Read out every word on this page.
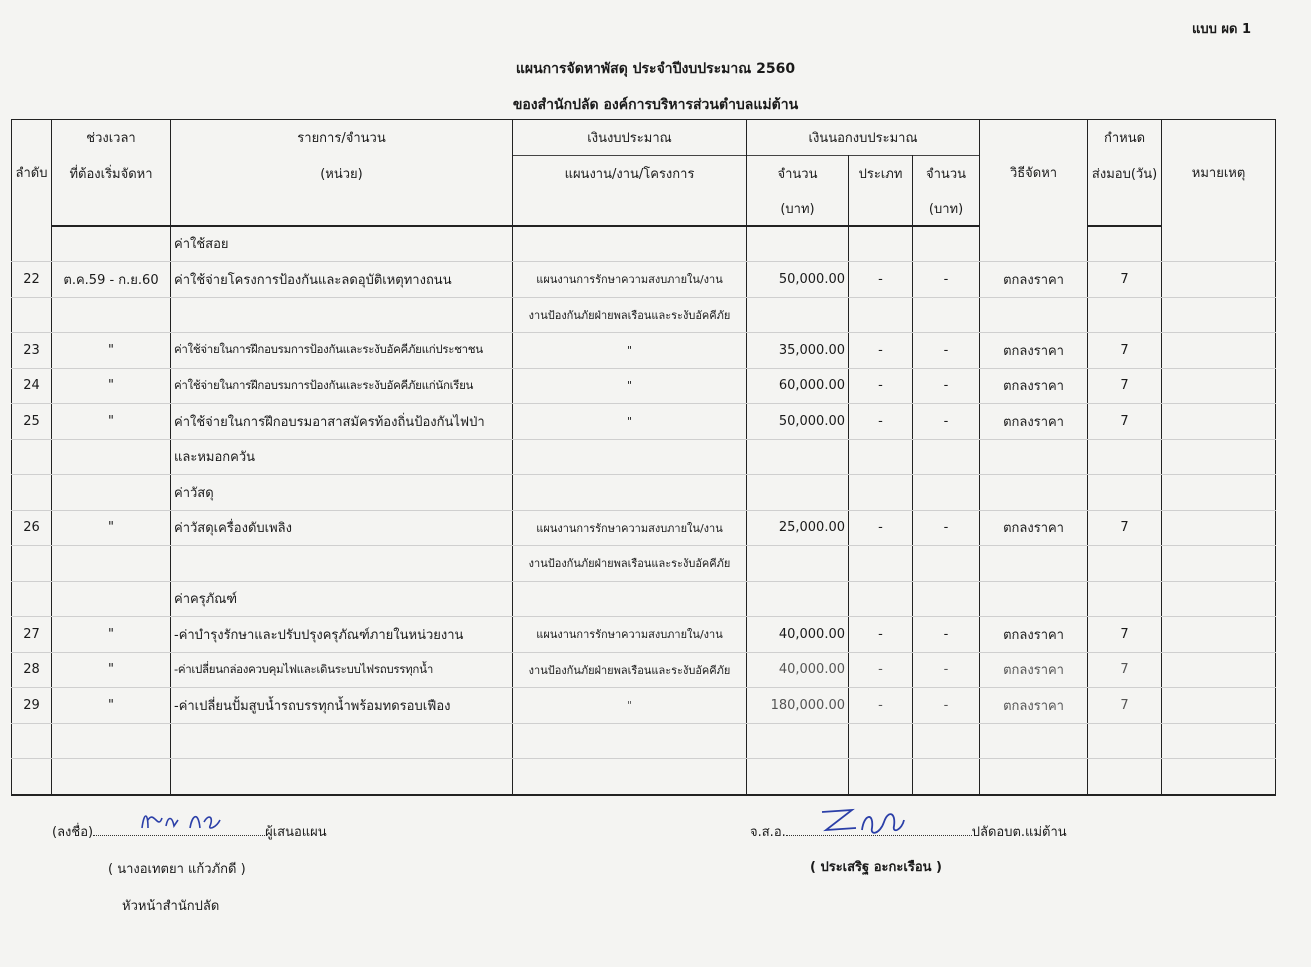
แบบ ผด 1
แผนการจัดหาพัสดุ ประจำปีงบประมาณ 2560
ของสำนักปลัด องค์การบริหารส่วนตำบลแม่ต้าน
ลำดับ	ช่วงเวลา	รายการ/จำนวน	เงินงบประมาณ	เงินนอกงบประมาณ			วิธีจัดหา	กำหนด	หมายเหตุ
	ที่ต้องเริ่มจัดหา	(หน่วย)	แผนงาน/งาน/โครงการ	จำนวน	ประเภท	จำนวน		ส่งมอบ(วัน)	
				(บาท)		(บาท)			
		ค่าใช้สอย							
22	ต.ค.59 - ก.ย.60	ค่าใช้จ่ายโครงการป้องกันและลดอุบัติเหตุทางถนน	แผนงานการรักษาความสงบภายใน/งาน	50,000.00	-	-	ตกลงราคา	7	
			งานป้องกันภัยฝ่ายพลเรือนและระงับอัคคีภัย						
23	"	ค่าใช้จ่ายในการฝึกอบรมการป้องกันและระงับอัคคีภัยแก่ประชาชน	"	35,000.00	-	-	ตกลงราคา	7	
24	"	ค่าใช้จ่ายในการฝึกอบรมการป้องกันและระงับอัคคีภัยแก่นักเรียน	"	60,000.00	-	-	ตกลงราคา	7	
25	"	ค่าใช้จ่ายในการฝึกอบรมอาสาสมัครท้องถิ่นป้องกันไฟป่า	"	50,000.00	-	-	ตกลงราคา	7	
		และหมอกควัน							
		ค่าวัสดุ							
26	"	ค่าวัสดุเครื่องดับเพลิง	แผนงานการรักษาความสงบภายใน/งาน	25,000.00	-	-	ตกลงราคา	7	
			งานป้องกันภัยฝ่ายพลเรือนและระงับอัคคีภัย						
		ค่าครุภัณฑ์							
27	"	-ค่าบำรุงรักษาและปรับปรุงครุภัณฑ์ภายในหน่วยงาน	แผนงานการรักษาความสงบภายใน/งาน	40,000.00	-	-	ตกลงราคา	7	
28	"	-ค่าเปลี่ยนกล่องควบคุมไฟและเดินระบบไฟรถบรรทุกน้ำ	งานป้องกันภัยฝ่ายพลเรือนและระงับอัคคีภัย	40,000.00	-	-	ตกลงราคา	7	
29	"	-ค่าเปลี่ยนปั้มสูบน้ำรถบรรทุกน้ำพร้อมทดรอบเฟือง	"	180,000.00	-	-	ตกลงราคา	7	

(ลงชื่อ)	ผู้เสนอแผน
( นางอเทตยา แก้วภักดี )
หัวหน้าสำนักปลัด
จ.ส.อ.	ปลัดอบต.แม่ต้าน
( ประเสริฐ อะกะเรือน )
